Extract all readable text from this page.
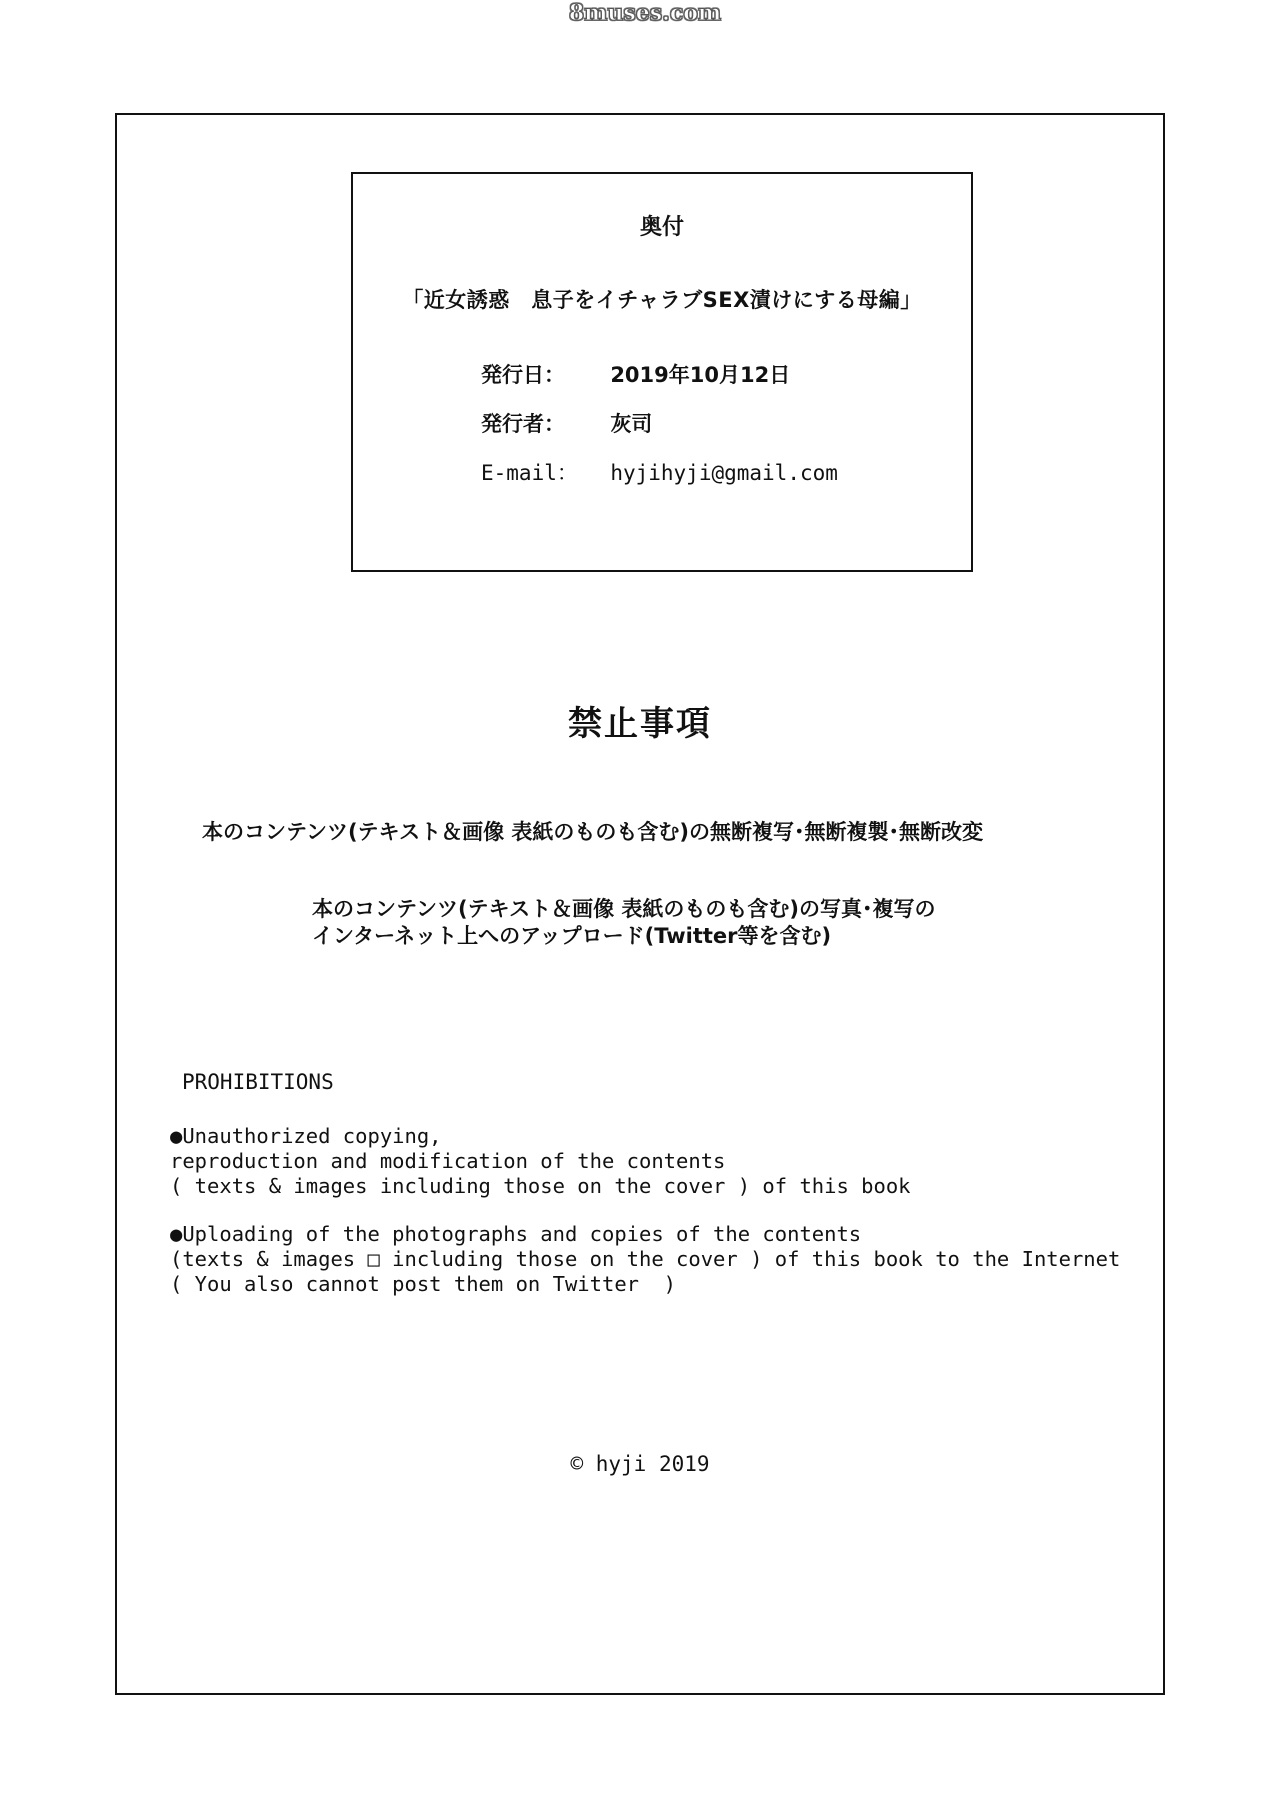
8muses.com
奥付
「近女誘惑　息子をイチャラブSEX漬けにする母編」
発行日： 2019年10月12日
発行者： 灰司
E-mail： hyjihyji@gmail.com
禁止事項
本のコンテンツ(テキスト＆画像 表紙のものも含む)の無断複写･無断複製･無断改変
本のコンテンツ(テキスト＆画像 表紙のものも含む)の写真･複写の
インターネット上へのアップロード(Twitter等を含む)
PROHIBITIONS
●Unauthorized copying,
reproduction and modification of the contents
( texts & images including those on the cover ) of this book
●Uploading of the photographs and copies of the contents
(texts & images □ including those on the cover ) of this book to the Internet
( You also cannot post them on Twitter  )
© hyji 2019
